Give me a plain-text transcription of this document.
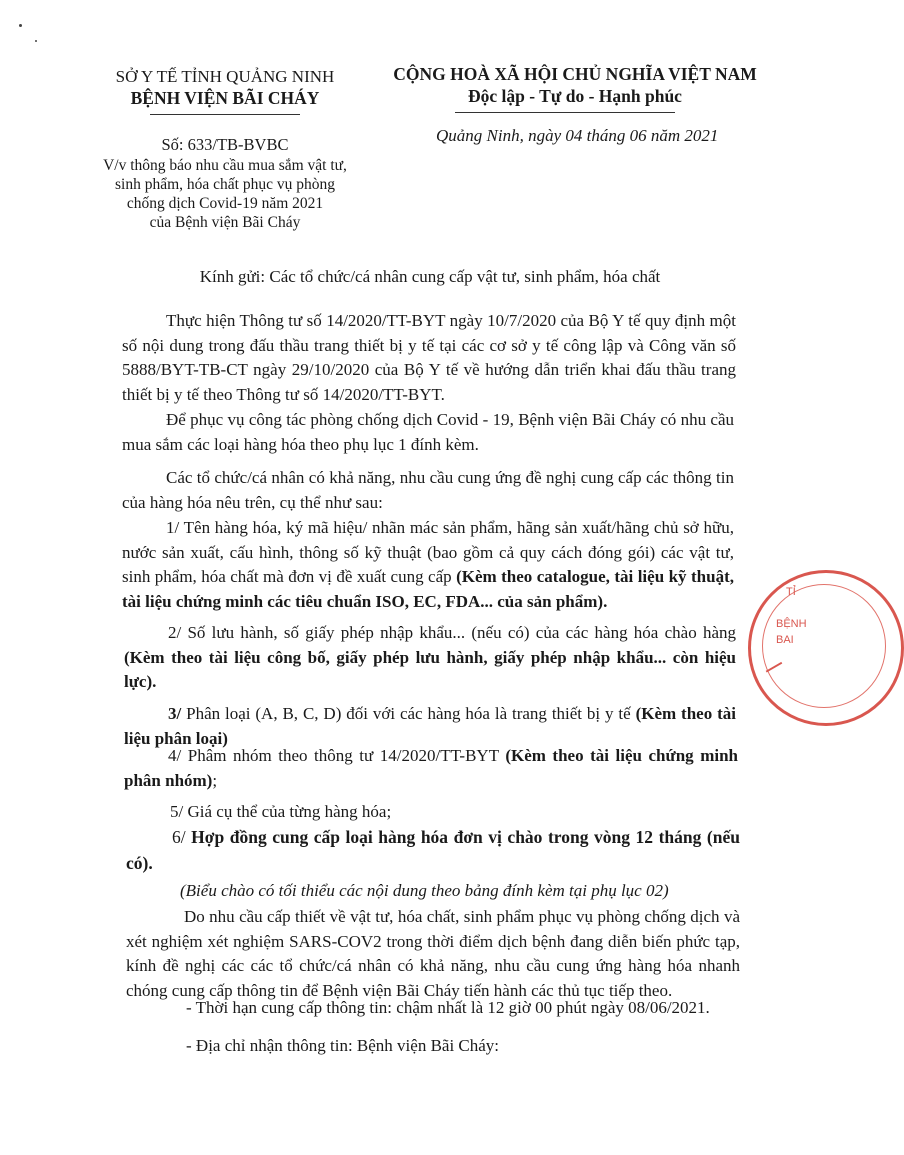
SỞ Y TẾ TỈNH QUẢNG NINH
BỆNH VIỆN BÃI CHÁY
Số: 633/TB-BVBC
V/v thông báo nhu cầu mua sắm vật tư,
sinh phẩm, hóa chất phục vụ phòng
chống dịch Covid-19 năm 2021
của Bệnh viện Bãi Cháy
CỘNG HOÀ XÃ HỘI CHỦ NGHĨA VIỆT NAM
Độc lập - Tự do - Hạnh phúc
Quảng Ninh, ngày 04 tháng 06 năm 2021
Kính gửi: Các tổ chức/cá nhân cung cấp vật tư, sinh phẩm, hóa chất
Thực hiện Thông tư số 14/2020/TT-BYT ngày 10/7/2020 của Bộ Y tế quy định một số nội dung trong đấu thầu trang thiết bị y tế tại các cơ sở y tế công lập và Công văn số 5888/BYT-TB-CT ngày 29/10/2020 của Bộ Y tế về hướng dẫn triển khai đấu thầu trang thiết bị y tế theo Thông tư số 14/2020/TT-BYT.
Để phục vụ công tác phòng chống dịch Covid - 19, Bệnh viện Bãi Cháy có nhu cầu mua sắm các loại hàng hóa theo phụ lục 1 đính kèm.
Các tổ chức/cá nhân có khả năng, nhu cầu cung ứng đề nghị cung cấp các thông tin của hàng hóa nêu trên, cụ thể như sau:
1/ Tên hàng hóa, ký mã hiệu/ nhãn mác sản phẩm, hãng sản xuất/hãng chủ sở hữu, nước sản xuất, cấu hình, thông số kỹ thuật (bao gồm cả quy cách đóng gói) các vật tư, sinh phẩm, hóa chất mà đơn vị đề xuất cung cấp (Kèm theo catalogue, tài liệu kỹ thuật, tài liệu chứng minh các tiêu chuẩn ISO, EC, FDA... của sản phẩm).
2/ Số lưu hành, số giấy phép nhập khẩu... (nếu có) của các hàng hóa chào hàng (Kèm theo tài liệu công bố, giấy phép lưu hành, giấy phép nhập khẩu... còn hiệu lực).
3/ Phân loại (A, B, C, D) đối với các hàng hóa là trang thiết bị y tế (Kèm theo tài liệu phân loại)
4/ Phâm nhóm theo thông tư 14/2020/TT-BYT (Kèm theo tài liệu chứng minh phân nhóm);
5/ Giá cụ thể của từng hàng hóa;
6/ Hợp đồng cung cấp loại hàng hóa đơn vị chào trong vòng 12 tháng (nếu có).
(Biểu chào có tối thiểu các nội dung theo bảng đính kèm tại phụ lục 02)
Do nhu cầu cấp thiết về vật tư, hóa chất, sinh phẩm phục vụ phòng chống dịch và xét nghiệm xét nghiệm SARS-COV2 trong thời điểm dịch bệnh đang diễn biến phức tạp, kính đề nghị các các tổ chức/cá nhân có khả năng, nhu cầu cung ứng hàng hóa nhanh chóng cung cấp thông tin để Bệnh viện Bãi Cháy tiến hành các thủ tục tiếp theo.
- Thời hạn cung cấp thông tin: chậm nhất là 12 giờ 00 phút ngày 08/06/2021.
- Địa chỉ nhận thông tin: Bệnh viện Bãi Cháy:
TỈ
BỆNH
BAI
